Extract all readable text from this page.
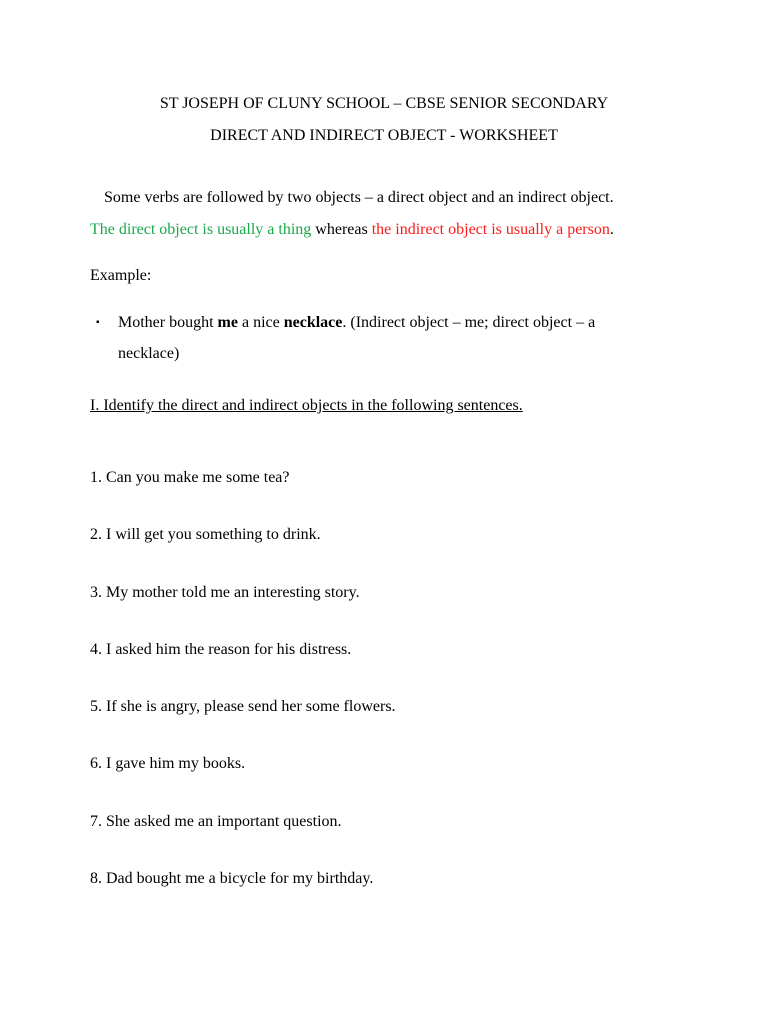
ST JOSEPH OF CLUNY SCHOOL – CBSE SENIOR SECONDARY
DIRECT AND INDIRECT OBJECT - WORKSHEET
Some verbs are followed by two objects – a direct object and an indirect object.
The direct object is usually a thing whereas the indirect object is usually a person.
Example:
▪ Mother bought me a nice necklace. (Indirect object – me; direct object – a
necklace)
I. Identify the direct and indirect objects in the following sentences.
1. Can you make me some tea?
2. I will get you something to drink.
3. My mother told me an interesting story.
4. I asked him the reason for his distress.
5. If she is angry, please send her some flowers.
6. I gave him my books.
7. She asked me an important question.
8. Dad bought me a bicycle for my birthday.
